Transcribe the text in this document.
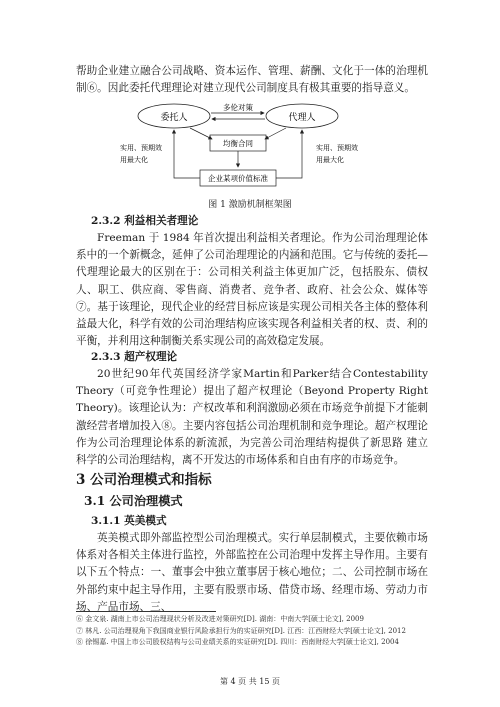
帮助企业建立融合公司战略、资本运作、管理、薪酬、文化于一体的治理机制⑥。因此委托代理理论对建立现代公司制度具有极其重要的指导意义。

委托人	代理人
多伦对策
均衡合同
企业某项价值标准
实用、预期效
用最大化
实用、预期效
用最大化
图 1 激励机制框架图
2.3.2 利益相关者理论

Freeman 于 1984 年首次提出利益相关者理论。作为公司治理理论体系中的一个新概念，延伸了公司治理理论的内涵和范围。它与传统的委托—代理理论最大的区别在于：公司相关利益主体更加广泛，包括股东、债权人、职工、供应商、零售商、消费者、竞争者、政府、社会公众、媒体等⑦。基于该理论，现代企业的经营目标应该是实现公司相关各主体的整体利益最大化，科学有效的公司治理结构应该实现各利益相关者的权、责、利的平衡，并利用这种制衡关系实现公司的高效稳定发展。

2.3.3 超产权理论

20世纪90年代英国经济学家Martin和Parker结合Contestability Theory（可竞争性理论）提出了超产权理论（Beyond Property Right Theory)。该理论认为：产权改革和利润激励必须在市场竞争前提下才能刺激经营者增加投入⑧。主要内容包括公司治理机制和竞争理论。超产权理论作为公司治理理论体系的新流派，为完善公司治理结构提供了新思路 建立科学的公司治理结构，离不开发达的市场体系和自由有序的市场竞争。

3 公司治理模式和指标
3.1 公司治理模式
3.1.1 英美模式

英美模式即外部监控型公司治理模式。实行单层制模式，主要依赖市场体系对各相关主体进行监控，外部监控在公司治理中发挥主导作用。主要有以下五个特点：一、董事会中独立董事居于核心地位；二、公司控制市场在外部约束中起主导作用，主要有股票市场、借贷市场、经理市场、劳动力市场、产品市场、三、

⑥ 金文泉. 湖南上市公司治理现状分析及改进对策研究[D]. 湖南：中南大学[硕士论文], 2009
⑦ 林凡. 公司治理视角下我国商业银行风险承担行为的实证研究[D]. 江西：江西财经大学[硕士论文], 2012
⑧ 徐锡嘉. 中国上市公司股权结构与公司业绩关系的实证研究[D]. 四川：西南财经大学[硕士论文], 2004
第 4 页 共 15 页
